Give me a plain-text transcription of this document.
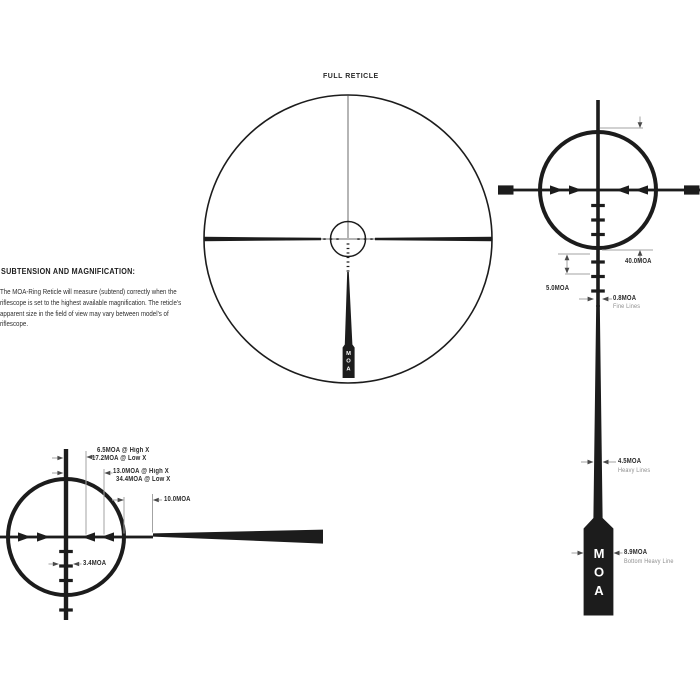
FULL RETICLE
SUBTENSION AND MAGNIFICATION:
The MOA-Ring Reticle will measure (subtend) correctly when the
riflescope is set to the highest available magnification. The reticle's
apparent size in the field of view may vary between model's of
riflescope.
40.0MOA
5.0MOA
0.8MOA
Fine Lines
4.5MOA
Heavy Lines
8.9MOA
Bottom Heavy Line
6.5MOA @ High X
17.2MOA @ Low X
13.0MOA @ High X
34.4MOA @ Low X
10.0MOA
3.4MOA	MOA
MOA
